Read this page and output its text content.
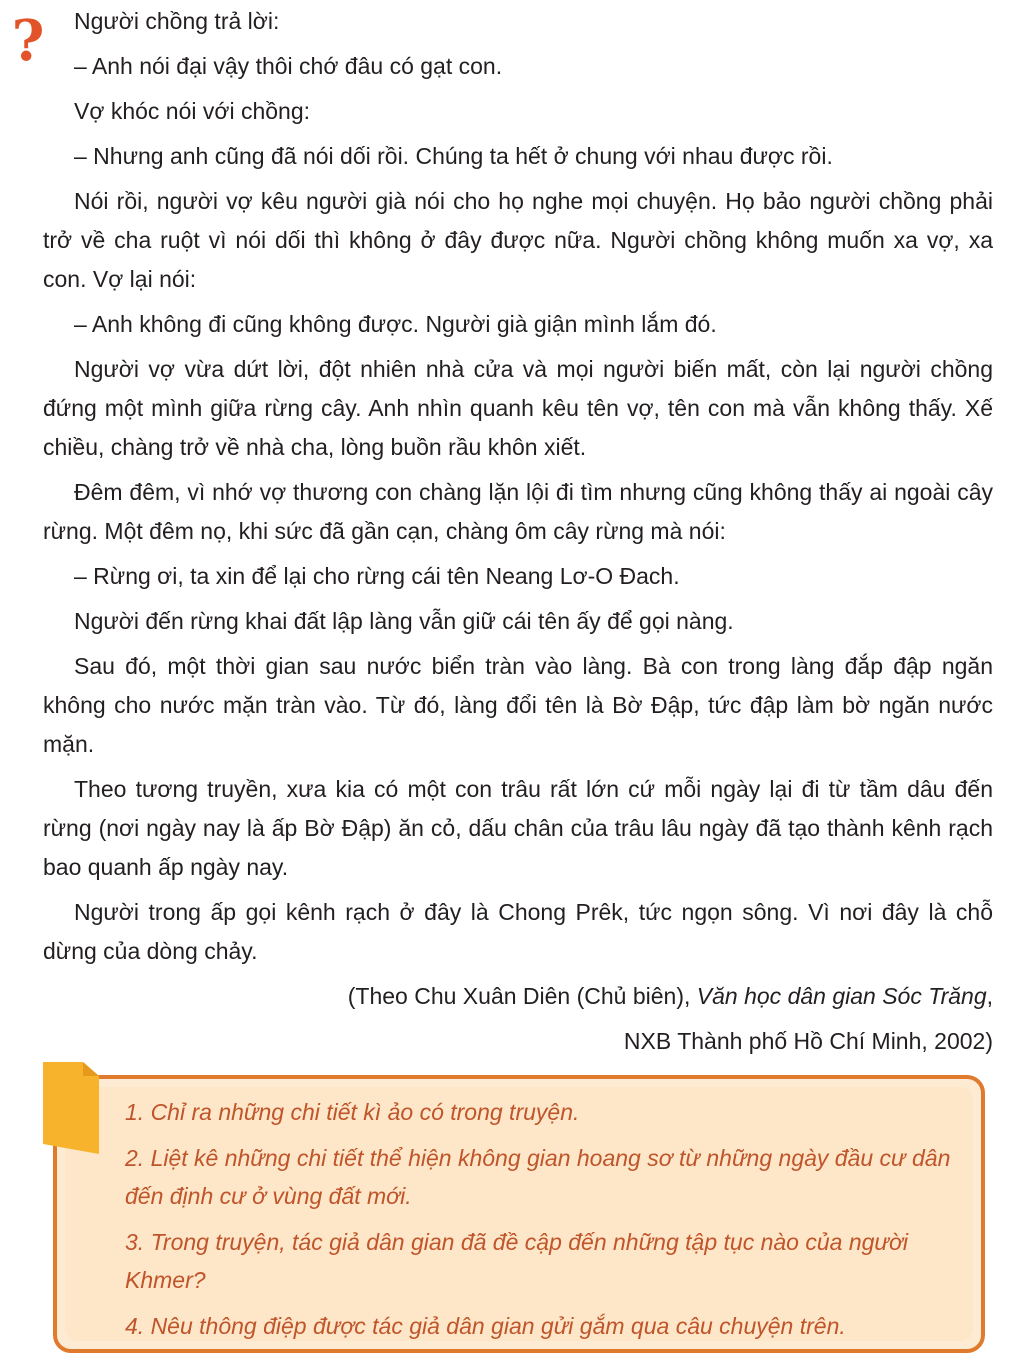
Người chồng trả lời:

– Anh nói đại vậy thôi chớ đâu có gạt con.

Vợ khóc nói với chồng:

– Nhưng anh cũng đã nói dối rồi. Chúng ta hết ở chung với nhau được rồi.

Nói rồi, người vợ kêu người già nói cho họ nghe mọi chuyện. Họ bảo người chồng phải trở về cha ruột vì nói dối thì không ở đây được nữa. Người chồng không muốn xa vợ, xa con. Vợ lại nói:

– Anh không đi cũng không được. Người già giận mình lắm đó.

Người vợ vừa dứt lời, đột nhiên nhà cửa và mọi người biến mất, còn lại người chồng đứng một mình giữa rừng cây. Anh nhìn quanh kêu tên vợ, tên con mà vẫn không thấy. Xế chiều, chàng trở về nhà cha, lòng buồn rầu khôn xiết.

Đêm đêm, vì nhớ vợ thương con chàng lặn lội đi tìm nhưng cũng không thấy ai ngoài cây rừng. Một đêm nọ, khi sức đã gần cạn, chàng ôm cây rừng mà nói:

– Rừng ơi, ta xin để lại cho rừng cái tên Neang Lơ-O Đach.

Người đến rừng khai đất lập làng vẫn giữ cái tên ấy để gọi nàng.

Sau đó, một thời gian sau nước biển tràn vào làng. Bà con trong làng đắp đập ngăn không cho nước mặn tràn vào. Từ đó, làng đổi tên là Bờ Đập, tức đập làm bờ ngăn nước mặn.

Theo tương truyền, xưa kia có một con trâu rất lớn cứ mỗi ngày lại đi từ tầm dâu đến rừng (nơi ngày nay là ấp Bờ Đập) ăn cỏ, dấu chân của trâu lâu ngày đã tạo thành kênh rạch bao quanh ấp ngày nay.

Người trong ấp gọi kênh rạch ở đây là Chong Prêk, tức ngọn sông. Vì nơi đây là chỗ dừng của dòng chảy.

(Theo Chu Xuân Diên (Chủ biên), Văn học dân gian Sóc Trăng,

NXB Thành phố Hồ Chí Minh, 2002)

?

1. Chỉ ra những chi tiết kì ảo có trong truyện.

2. Liệt kê những chi tiết thể hiện không gian hoang sơ từ những ngày đầu cư dân đến định cư ở vùng đất mới.

3. Trong truyện, tác giả dân gian đã đề cập đến những tập tục nào của người Khmer?

4. Nêu thông điệp được tác giả dân gian gửi gắm qua câu chuyện trên.
